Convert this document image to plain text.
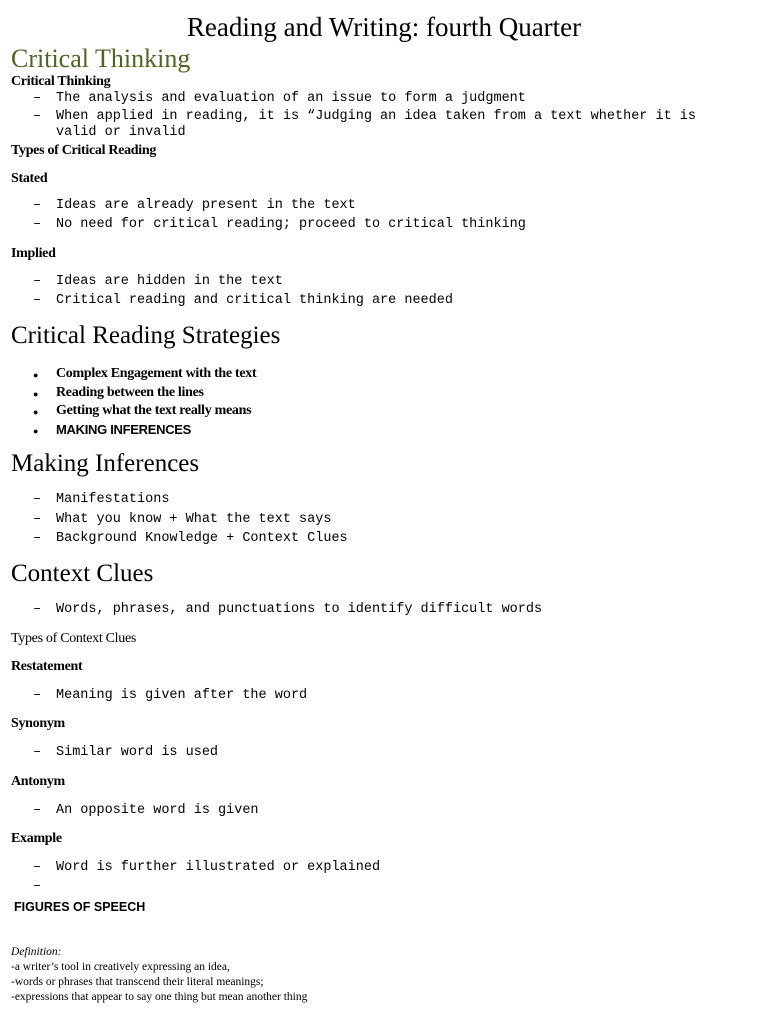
Reading and Writing: fourth Quarter
Critical Thinking
Critical Thinking
– The analysis and evaluation of an issue to form a judgment
– When applied in reading, it is “Judging an idea taken from a text whether it is
valid or invalid
Types of Critical Reading
Stated
– Ideas are already present in the text
– No need for critical reading; proceed to critical thinking
Implied
– Ideas are hidden in the text
– Critical reading and critical thinking are needed
Critical Reading Strategies
● Complex Engagement with the text
● Reading between the lines
● Getting what the text really means
● MAKING INFERENCES
Making Inferences
– Manifestations
– What you know + What the text says
– Background Knowledge + Context Clues
Context Clues
– Words, phrases, and punctuations to identify difficult words
Types of Context Clues
Restatement
– Meaning is given after the word
Synonym
– Similar word is used
Antonym
– An opposite word is given
Example
– Word is further illustrated or explained
–
FIGURES OF SPEECH
Definition:
-a writer’s tool in creatively expressing an idea,
-words or phrases that transcend their literal meanings;
-expressions that appear to say one thing but mean another thing
